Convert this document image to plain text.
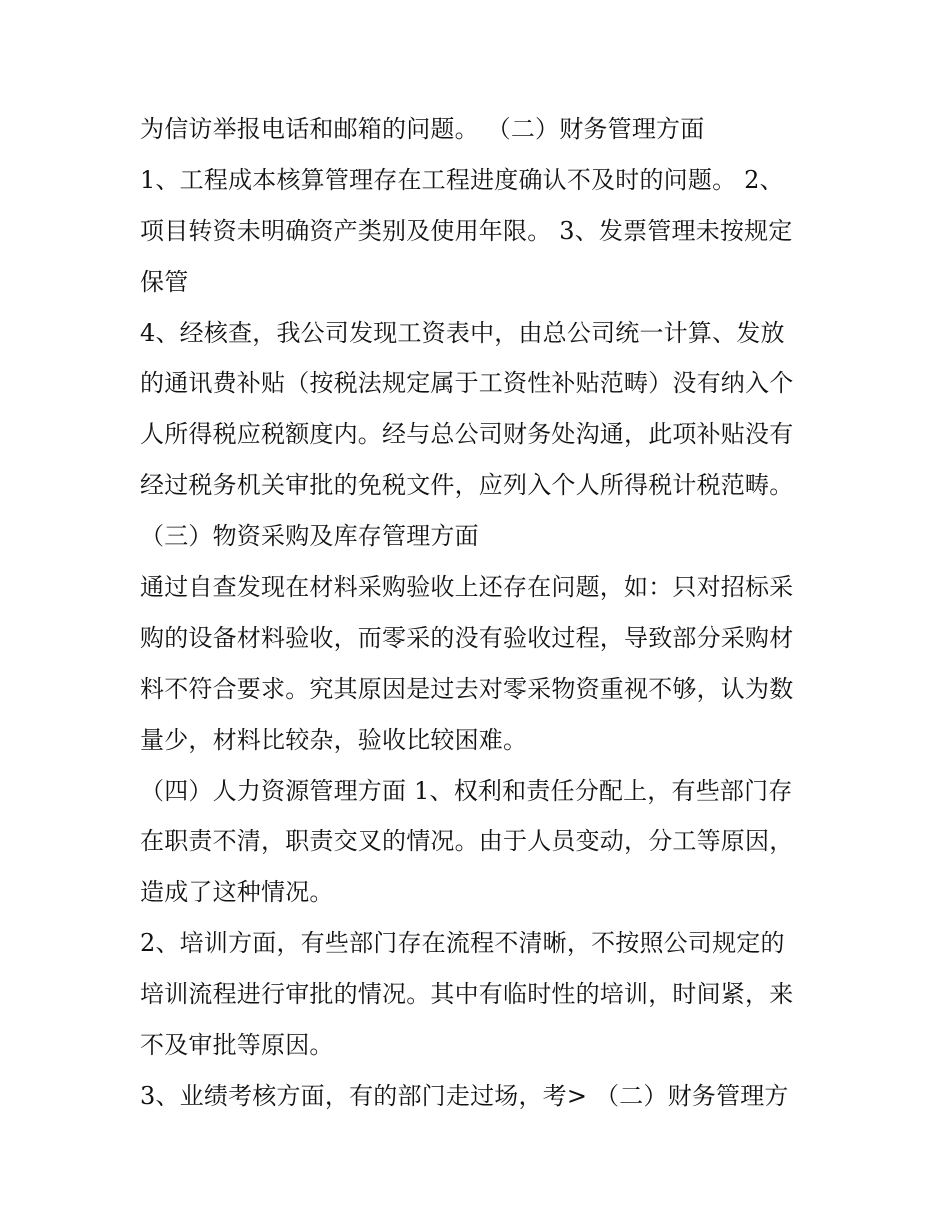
为信访举报电话和邮箱的问题。 （二）财务管理方面
1、工程成本核算管理存在工程进度确认不及时的问题。 2、
项目转资未明确资产类别及使用年限。 3、发票管理未按规定
保管
4、经核查，我公司发现工资表中，由总公司统一计算、发放
的通讯费补贴（按税法规定属于工资性补贴范畴）没有纳入个
人所得税应税额度内。经与总公司财务处沟通，此项补贴没有
经过税务机关审批的免税文件，应列入个人所得税计税范畴。
（三）物资采购及库存管理方面
通过自查发现在材料采购验收上还存在问题，如：只对招标采
购的设备材料验收，而零采的没有验收过程，导致部分采购材
料不符合要求。究其原因是过去对零采物资重视不够，认为数
量少，材料比较杂，验收比较困难。
（四）人力资源管理方面 1、权利和责任分配上，有些部门存
在职责不清，职责交叉的情况。由于人员变动，分工等原因，
造成了这种情况。
2、培训方面，有些部门存在流程不清晰，不按照公司规定的
培训流程进行审批的情况。其中有临时性的培训，时间紧，来
不及审批等原因。
3、业绩考核方面，有的部门走过场，考> （二）财务管理方
